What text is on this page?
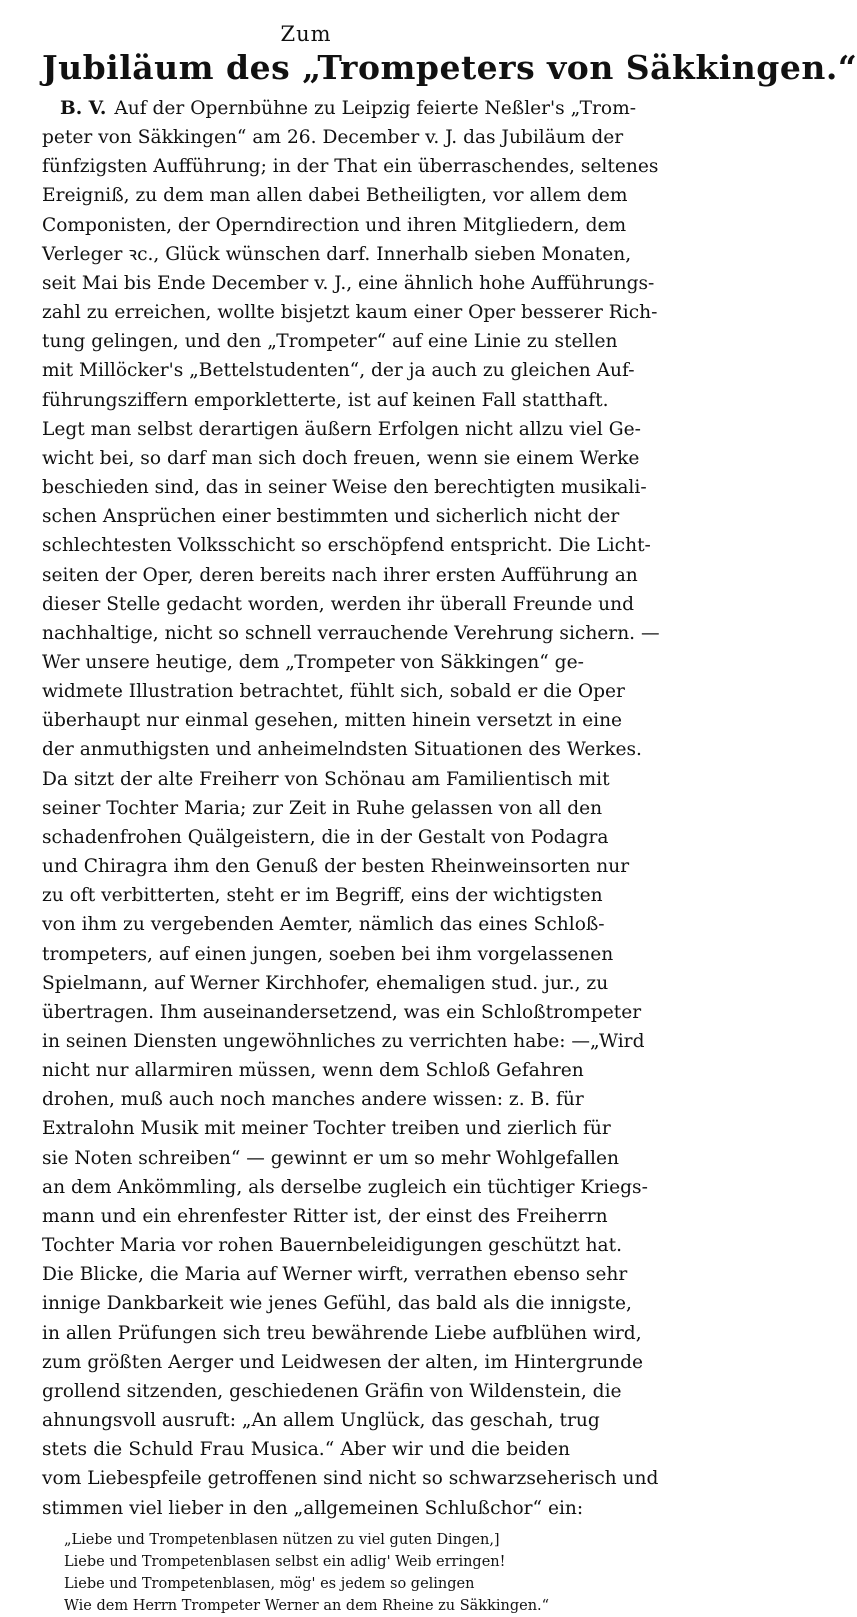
Zum
Jubiläum des „Trompeters von Säkkingen.“
B. V. Auf der Opernbühne zu Leipzig feierte Neßler's „Trom-
peter von Säkkingen“ am 26. December v. J. das Jubiläum der
fünfzigsten Aufführung; in der That ein überraschendes, seltenes
Ereigniß, zu dem man allen dabei Betheiligten, vor allem dem
Componisten, der Operndirection und ihren Mitgliedern, dem
Verleger ꝛc., Glück wünschen darf. Innerhalb sieben Monaten,
seit Mai bis Ende December v. J., eine ähnlich hohe Aufführungs-
zahl zu erreichen, wollte bisjetzt kaum einer Oper besserer Rich-
tung gelingen, und den „Trompeter“ auf eine Linie zu stellen
mit Millöcker's „Bettelstudenten“, der ja auch zu gleichen Auf-
führungsziffern emporkletterte, ist auf keinen Fall statthaft.
Legt man selbst derartigen äußern Erfolgen nicht allzu viel Ge-
wicht bei, so darf man sich doch freuen, wenn sie einem Werke
beschieden sind, das in seiner Weise den berechtigten musikali-
schen Ansprüchen einer bestimmten und sicherlich nicht der
schlechtesten Volksschicht so erschöpfend entspricht. Die Licht-
seiten der Oper, deren bereits nach ihrer ersten Aufführung an
dieser Stelle gedacht worden, werden ihr überall Freunde und
nachhaltige, nicht so schnell verrauchende Verehrung sichern. —
Wer unsere heutige, dem „Trompeter von Säkkingen“ ge-
widmete Illustration betrachtet, fühlt sich, sobald er die Oper
überhaupt nur einmal gesehen, mitten hinein versetzt in eine
der anmuthigsten und anheimelndsten Situationen des Werkes.
Da sitzt der alte Freiherr von Schönau am Familientisch mit
seiner Tochter Maria; zur Zeit in Ruhe gelassen von all den
schadenfrohen Quälgeistern, die in der Gestalt von Podagra
und Chiragra ihm den Genuß der besten Rheinweinsorten nur
zu oft verbitterten, steht er im Begriff, eins der wichtigsten
von ihm zu vergebenden Aemter, nämlich das eines Schloß-
trompeters, auf einen jungen, soeben bei ihm vorgelassenen
Spielmann, auf Werner Kirchhofer, ehemaligen stud. jur., zu
übertragen. Ihm auseinandersetzend, was ein Schloßtrompeter
in seinen Diensten ungewöhnliches zu verrichten habe: —„Wird
nicht nur allarmiren müssen, wenn dem Schloß Gefahren
drohen, muß auch noch manches andere wissen: z. B. für
Extralohn Musik mit meiner Tochter treiben und zierlich für
sie Noten schreiben“ — gewinnt er um so mehr Wohlgefallen
an dem Ankömmling, als derselbe zugleich ein tüchtiger Kriegs-
mann und ein ehrenfester Ritter ist, der einst des Freiherrn
Tochter Maria vor rohen Bauernbeleidigungen geschützt hat.
Die Blicke, die Maria auf Werner wirft, verrathen ebenso sehr
innige Dankbarkeit wie jenes Gefühl, das bald als die innigste,
in allen Prüfungen sich treu bewährende Liebe aufblühen wird,
zum größten Aerger und Leidwesen der alten, im Hintergrunde
grollend sitzenden, geschiedenen Gräfin von Wildenstein, die
ahnungsvoll ausruft: „An allem Unglück, das geschah, trug
stets die Schuld Frau Musica.“ Aber wir und die beiden
vom Liebespfeile getroffenen sind nicht so schwarzseherisch und
stimmen viel lieber in den „allgemeinen Schlußchor“ ein:
„Liebe und Trompetenblasen nützen zu viel guten Dingen,]
Liebe und Trompetenblasen selbst ein adlig' Weib erringen!
Liebe und Trompetenblasen, mög' es jedem so gelingen
Wie dem Herrn Trompeter Werner an dem Rheine zu Säkkingen.“
